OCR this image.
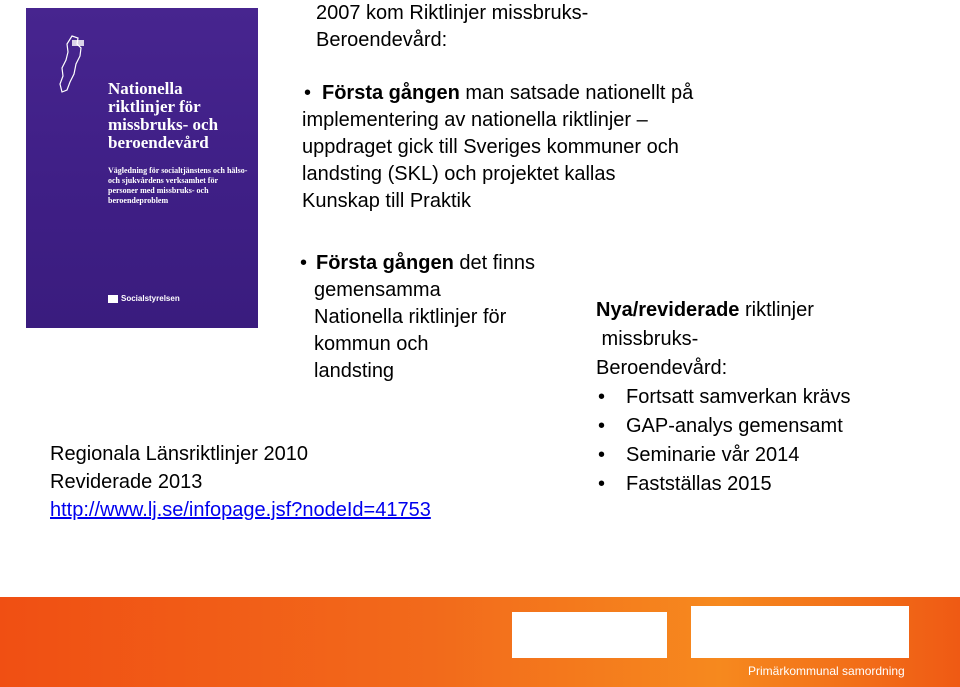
Nationella
riktlinjer för
missbruks- och
beroendevård
Vägledning för socialtjänstens och hälso- och sjukvårdens verksamhet för personer med missbruks- och beroendeproblem
Socialstyrelsen
2007 kom Riktlinjer missbruks-
Beroendevård:
• Första gången man satsade nationellt på
implementering av nationella riktlinjer –
uppdraget gick till Sveriges kommuner och
landsting (SKL) och projektet kallas
Kunskap till Praktik
• Första gången det finns
gemensamma
Nationella riktlinjer för
kommun och
landsting
Regionala Länsriktlinjer 2010
Reviderade 2013
http://www.lj.se/infopage.jsf?nodeId=41753
Nya/reviderade riktlinjer
missbruks-
Beroendevård:
• Fortsatt samverkan krävs
• GAP-analys gemensamt
• Seminarie vår 2014
• Fastställas 2015
Primärkommunal samordning
